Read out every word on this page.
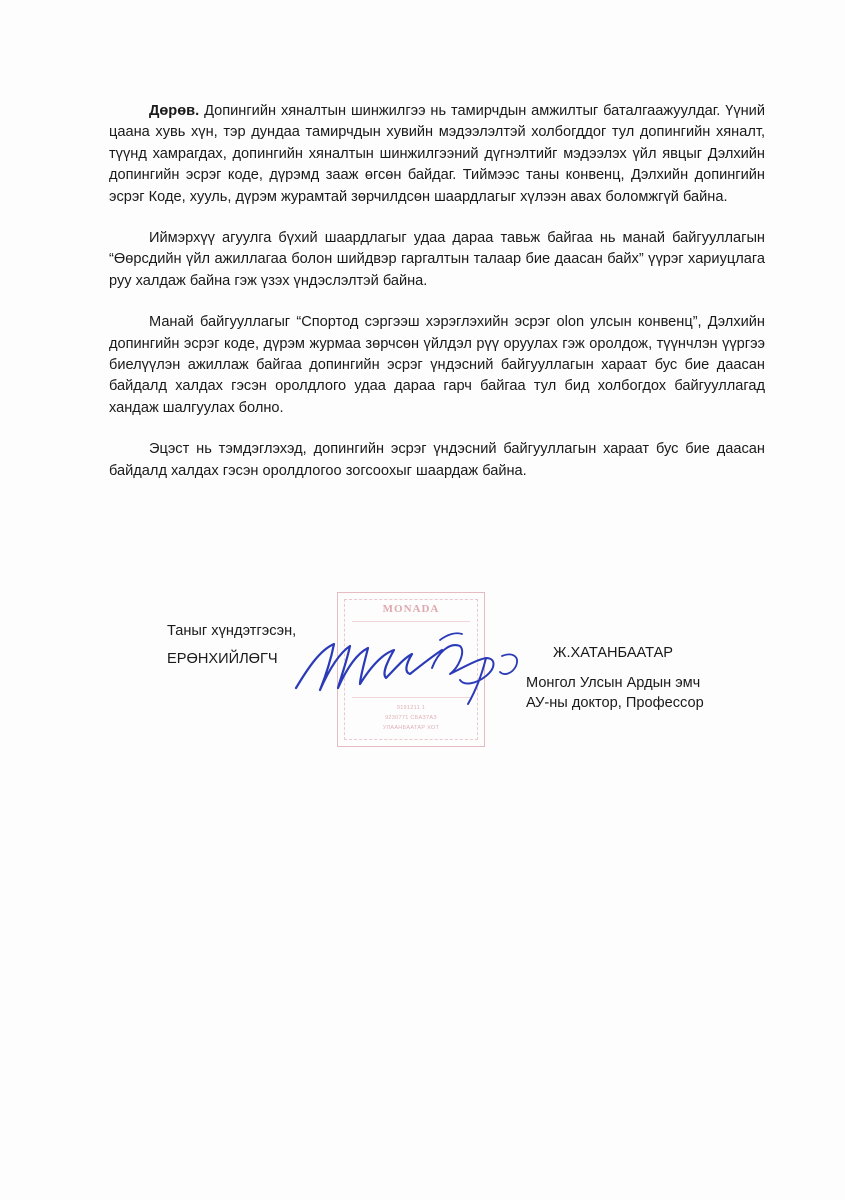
Дөрөв. Допингийн хяналтын шинжилгээ нь тамирчдын амжилтыг баталгаажуулдаг. Үүний цаана хувь хүн, тэр дундаа тамирчдын хувийн мэдээлэлтэй холбогддог тул допингийн хяналт, түүнд хамрагдах, допингийн хяналтын шинжилгээний дүгнэлтийг мэдээлэх үйл явцыг Дэлхийн допингийн эсрэг коде, дүрэмд зааж өгсөн байдаг. Тиймээс таны конвенц, Дэлхийн допингийн эсрэг Коде, хууль, дүрэм журамтай зөрчилдсөн шаардлагыг хүлээн авах боломжгүй байна.

Иймэрхүү агуулга бүхий шаардлагыг удаа дараа тавьж байгаа нь манай байгууллагын “Өөрсдийн үйл ажиллагаа болон шийдвэр гаргалтын талаар бие даасан байх” үүрэг хариуцлага руу халдаж байна гэж үзэх үндэслэлтэй байна.

Манай байгууллагыг “Спортод сэргээш хэрэглэхийн эсрэг olon улсын конвенц”, Дэлхийн допингийн эсрэг коде, дүрэм журмаа зөрчсөн үйлдэл рүү оруулах гэж оролдож, түүнчлэн үүргээ биелүүлэн ажиллаж байгаа допингийн эсрэг үндэсний байгууллагын хараат бус бие даасан байдалд халдах гэсэн оролдлого удаа дараа гарч байгаа тул бид холбогдох байгууллагад хандаж шалгуулах болно.

Эцэст нь тэмдэглэхэд, допингийн эсрэг үндэсний байгууллагын хараат бус бие даасан байдалд халдах гэсэн оролдлогоо зогсоохыг шаардаж байна.

MONADA
9191211 1
9230771 СБАЗ7АЗ
УЛААНБААТАР ХОТ
Таныг хүндэтгэсэн,
ЕРӨНХИЙЛӨГЧ	Ж.ХАТАНБААТАР
Монгол Улсын Ардын эмч
АУ-ны доктор, Профессор
